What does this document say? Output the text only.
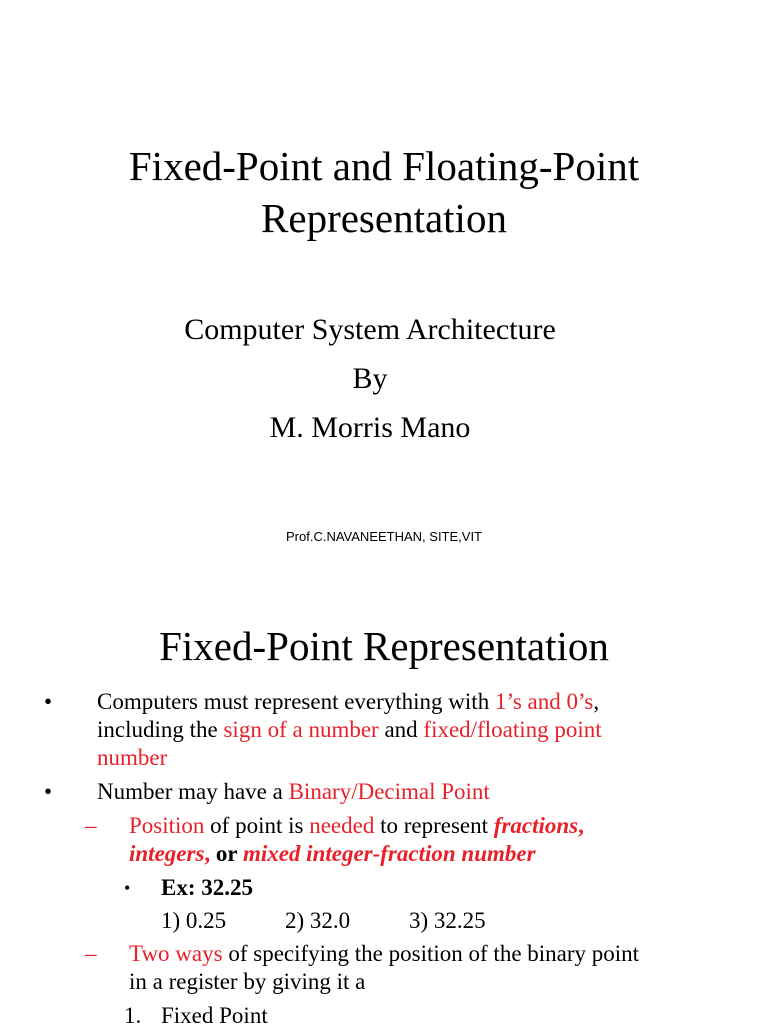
Fixed-Point and Floating-Point
Representation
Computer System Architecture
By
M. Morris Mano
Prof.C.NAVANEETHAN, SITE,VIT
Fixed-Point Representation
• Computers must represent everything with 1’s and 0’s,
including the sign of a number and fixed/floating point
number
• Number may have a Binary/Decimal Point
– Position of point is needed to represent fractions,
integers, or mixed integer-fraction number
• Ex: 32.25
1) 0.25	2) 32.0	3) 32.25
– Two ways of specifying the position of the binary point
in a register by giving it a
1. Fixed Point
